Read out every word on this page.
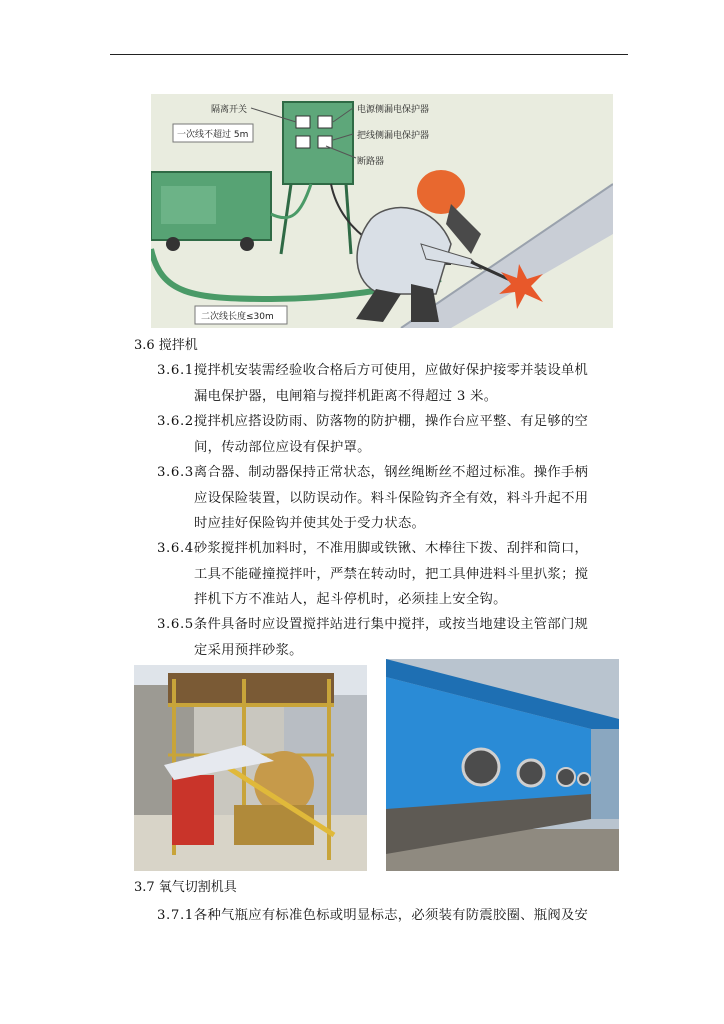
隔离开关
一次线不超过 5m
电源侧漏电保护器
把线侧漏电保护器
断路器
二次线长度≤30m
3.6 搅拌机
3.6.1搅拌机安装需经验收合格后方可使用，应做好保护接零并装设单机
漏电保护器，电闸箱与搅拌机距离不得超过 3 米。
3.6.2搅拌机应搭设防雨、防落物的防护棚，操作台应平整、有足够的空
间，传动部位应设有保护罩。
3.6.3离合器、制动器保持正常状态，钢丝绳断丝不超过标准。操作手柄
应设保险装置，以防误动作。料斗保险钩齐全有效，料斗升起不用
时应挂好保险钩并使其处于受力状态。
3.6.4砂浆搅拌机加料时，不准用脚或铁锹、木棒往下拨、刮拌和筒口，
工具不能碰撞搅拌叶，严禁在转动时，把工具伸进料斗里扒浆；搅
拌机下方不准站人，起斗停机时，必须挂上安全钩。
3.6.5条件具备时应设置搅拌站进行集中搅拌，或按当地建设主管部门规
定采用预拌砂浆。
3.7 氧气切割机具
3.7.1各种气瓶应有标准色标或明显标志，必须装有防震胶圈、瓶阀及安
